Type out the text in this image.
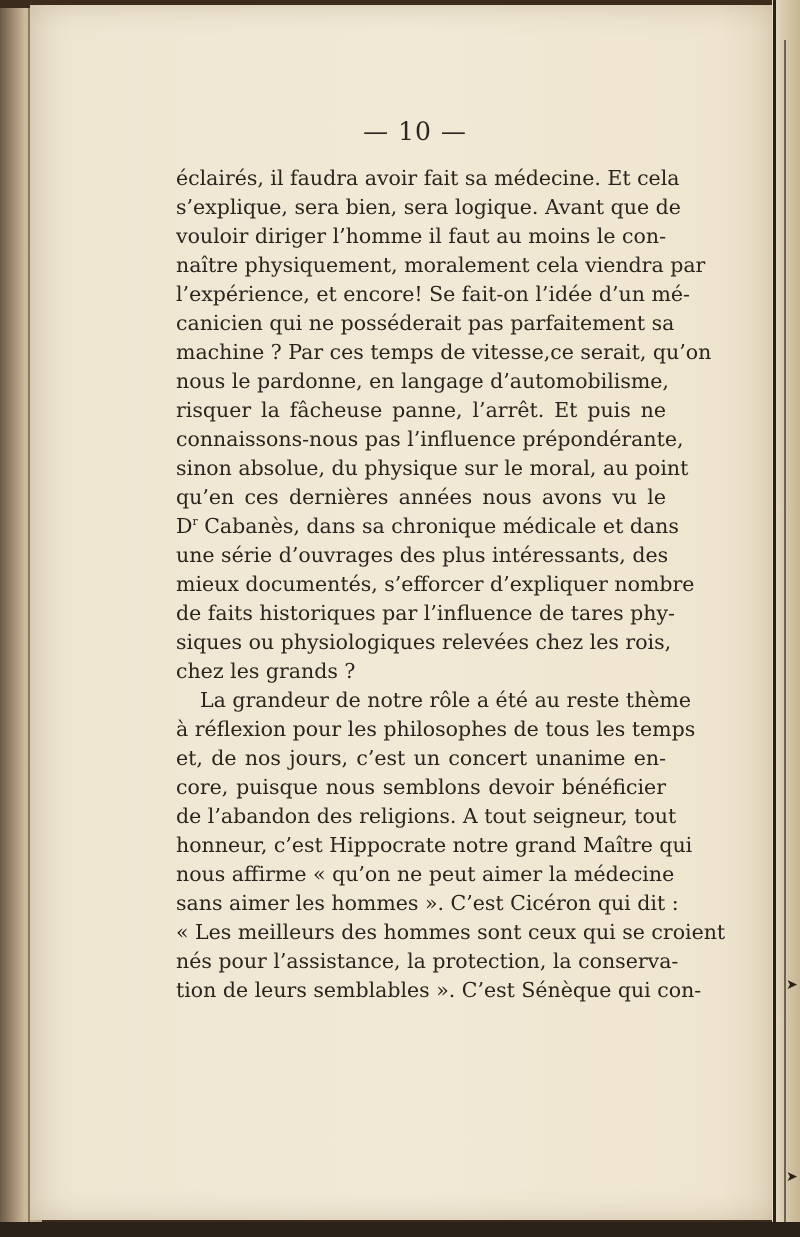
➤
➤
— 10 —
éclairés, il faudra avoir fait sa médecine. Et cela
s’explique, sera bien, sera logique. Avant que de
vouloir diriger l’homme il faut au moins le con-
naître physiquement, moralement cela viendra par
l’expérience, et encore! Se fait-on l’idée d’un mé-
canicien qui ne posséderait pas parfaitement sa
machine ? Par ces temps de vitesse,ce serait, qu’on
nous le pardonne, en langage d’automobilisme,
risquer la fâcheuse panne, l’arrêt. Et puis ne
connaissons-nous pas l’influence prépondérante,
sinon absolue, du physique sur le moral, au point
qu’en ces dernières années nous avons vu le
$D^r$ Cabanès, dans sa chronique médicale et dans
une série d’ouvrages des plus intéressants, des
mieux documentés, s’efforcer d’expliquer nombre
de faits historiques par l’influence de tares phy-
siques ou physiologiques relevées chez les rois,
chez les grands ?
La grandeur de notre rôle a été au reste thème
à réflexion pour les philosophes de tous les temps
et, de nos jours, c’est un concert unanime en-
core, puisque nous semblons devoir bénéficier
de l’abandon des religions. A tout seigneur, tout
honneur, c’est Hippocrate notre grand Maître qui
nous affirme « qu’on ne peut aimer la médecine
sans aimer les hommes ». C’est Cicéron qui dit :
« Les meilleurs des hommes sont ceux qui se croient
nés pour l’assistance, la protection, la conserva-
tion de leurs semblables ». C’est Sénèque qui con-
